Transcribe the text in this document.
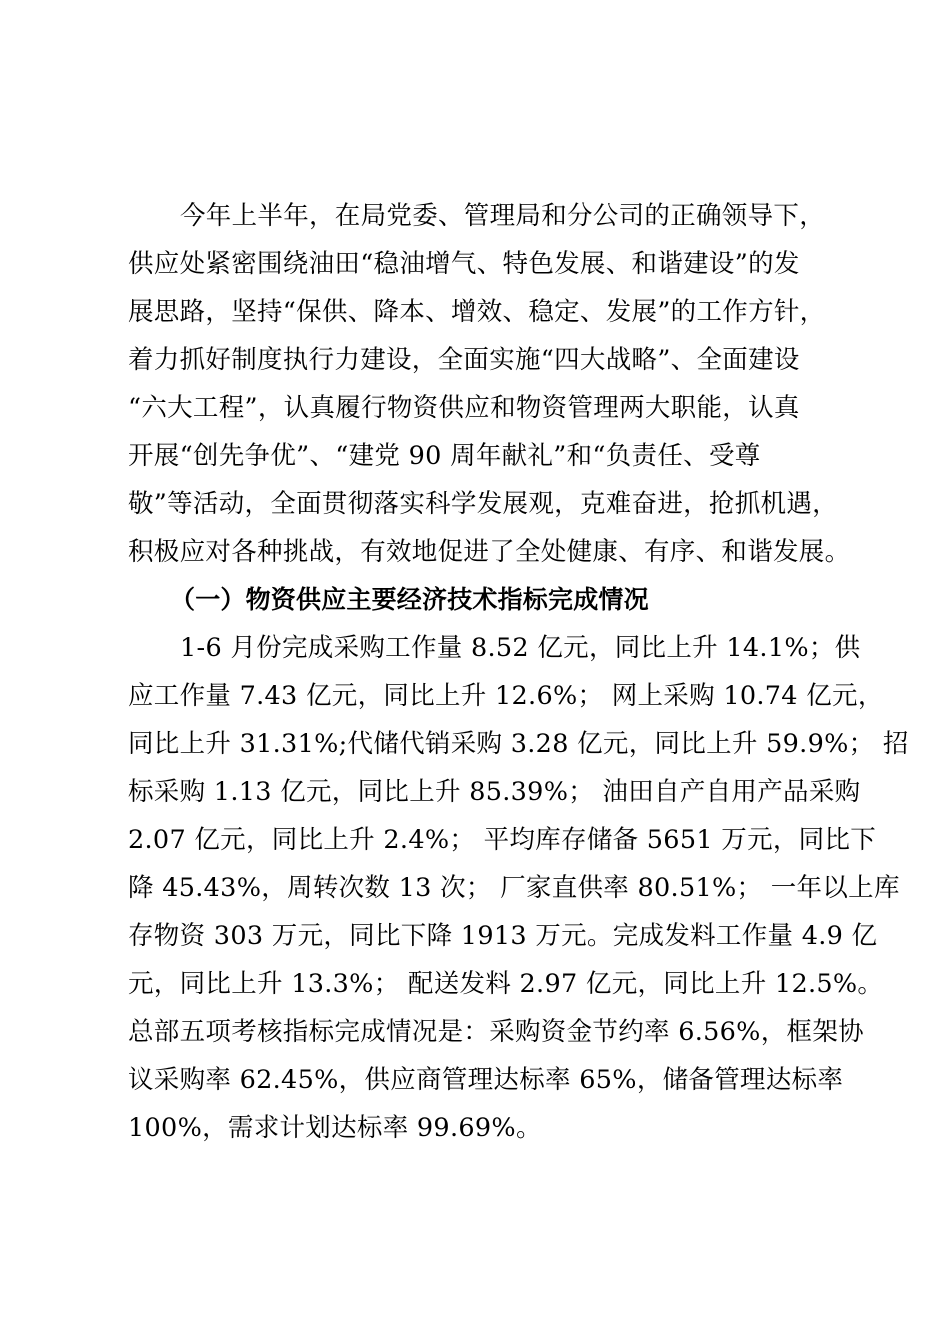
今年上半年，在局党委、管理局和分公司的正确领导下，
供应处紧密围绕油田“稳油增气、特色发展、和谐建设”的发
展思路，坚持“保供、降本、增效、稳定、发展”的工作方针，
着力抓好制度执行力建设，全面实施“四大战略”、全面建设
“六大工程”，认真履行物资供应和物资管理两大职能，认真
开展“创先争优”、“建党 90 周年献礼”和“负责任、受尊
敬”等活动，全面贯彻落实科学发展观，克难奋进，抢抓机遇，
积极应对各种挑战，有效地促进了全处健康、有序、和谐发展。
（一）物资供应主要经济技术指标完成情况
1-6 月份完成采购工作量 8.52 亿元，同比上升 14.1%；供
应工作量 7.43 亿元，同比上升 12.6%； 网上采购 10.74 亿元，
同比上升 31.31%;代储代销采购 3.28 亿元，同比上升 59.9%； 招
标采购 1.13 亿元，同比上升 85.39%； 油田自产自用产品采购
2.07 亿元，同比上升 2.4%； 平均库存储备 5651 万元，同比下
降 45.43%，周转次数 13 次； 厂家直供率 80.51%； 一年以上库
存物资 303 万元，同比下降 1913 万元。完成发料工作量 4.9 亿
元，同比上升 13.3%； 配送发料 2.97 亿元，同比上升 12.5%。
总部五项考核指标完成情况是：采购资金节约率 6.56%，框架协
议采购率 62.45%，供应商管理达标率 65%，储备管理达标率
100%，需求计划达标率 99.69%。
